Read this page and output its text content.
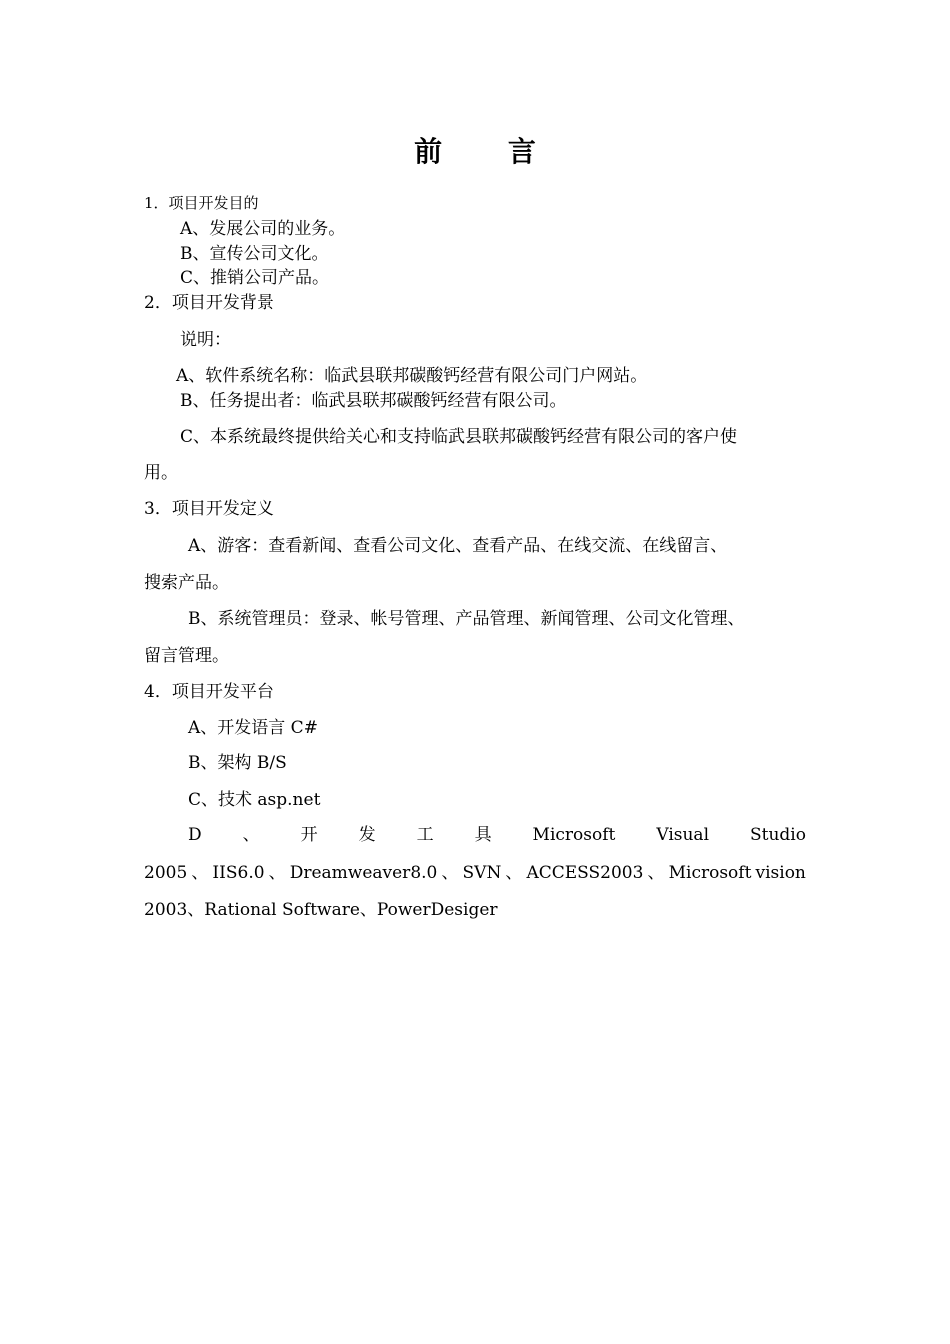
前 言
1．项目开发目的
A、发展公司的业务。
B、宣传公司文化。
C、推销公司产品。
2．项目开发背景
说明：
A、软件系统名称：临武县联邦碳酸钙经营有限公司门户网站。
B、任务提出者：临武县联邦碳酸钙经营有限公司。
C、本系统最终提供给关心和支持临武县联邦碳酸钙经营有限公司的客户使
用。
3．项目开发定义
A、游客：查看新闻、查看公司文化、查看产品、在线交流、在线留言、
搜索产品。
B、系统管理员：登录、帐号管理、产品管理、新闻管理、公司文化管理、
留言管理。
4．项目开发平台
A、开发语言 C#
B、架构 B/S
C、技术 asp.net
D 、 开 发 工 具 Microsoft Visual Studio
2005 、 IIS6.0 、 Dreamweaver8.0 、 SVN 、 ACCESS2003 、 Microsoft vision
2003、Rational Software、PowerDesiger
